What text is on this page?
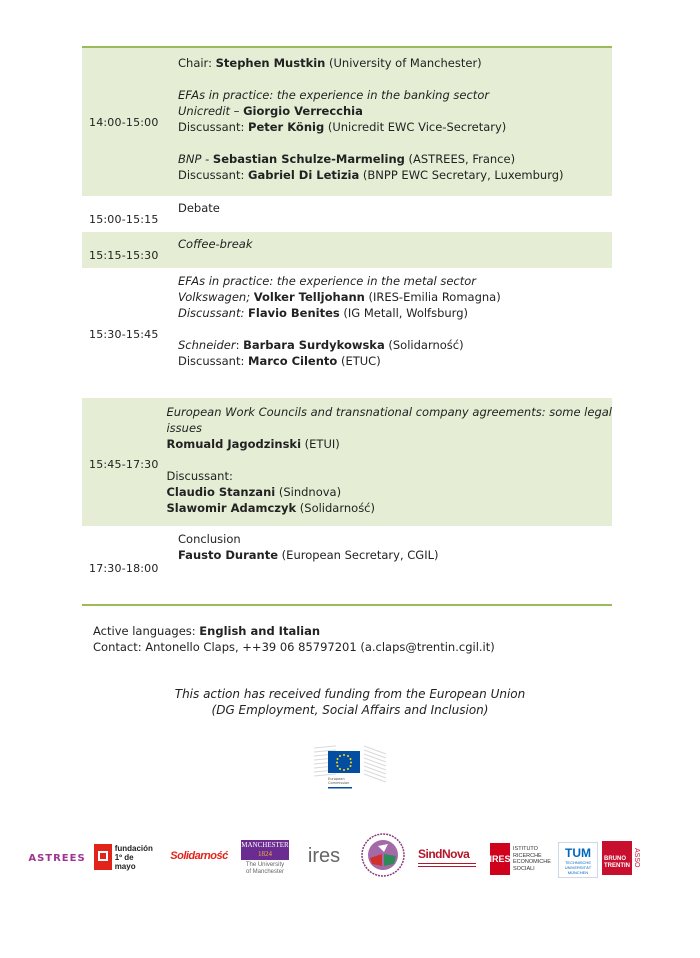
14:00-15:00
Chair: Stephen Mustkin (University of Manchester)
EFAs in practice: the experience in the banking sector
Unicredit – Giorgio Verrecchia
Discussant: Peter König (Unicredit EWC Vice-Secretary)
BNP - Sebastian Schulze-Marmeling (ASTREES, France)
Discussant: Gabriel Di Letizia (BNPP EWC Secretary, Luxemburg)
15:00-15:15
Debate
15:15-15:30
Coffee-break
15:30-15:45
EFAs in practice: the experience in the metal sector
Volkswagen; Volker Telljohann (IRES-Emilia Romagna)
Discussant: Flavio Benites (IG Metall, Wolfsburg)
Schneider: Barbara Surdykowska (Solidarność)
Discussant: Marco Cilento (ETUC)
15:45-17:30
European Work Councils and transnational company agreements: some legal
issues
Romuald Jagodzinski (ETUI)
Discussant:
Claudio Stanzani (Sindnova)
Slawomir Adamczyk (Solidarność)
17:30-18:00
Conclusion
Fausto Durante (European Secretary, CGIL)
Active languages: English and Italian
Contact: Antonello Claps, ++39 06 85797201 (a.claps@trentin.cgil.it)
This action has received funding from the European Union
(DG Employment, Social Affairs and Inclusion)
European
Commission
ASTREES
fundación
1º de mayo
Solidarność
MANCHESTER
1824
The University
of Manchester
ires	SindNova IRES
ISTITUTO
RICERCHE
ECONOMICHE
SOCIALI
TUM
TECHNISCHE
UNIVERSITÄT
MÜNCHEN
BRUNO
TRENTIN ASSO
